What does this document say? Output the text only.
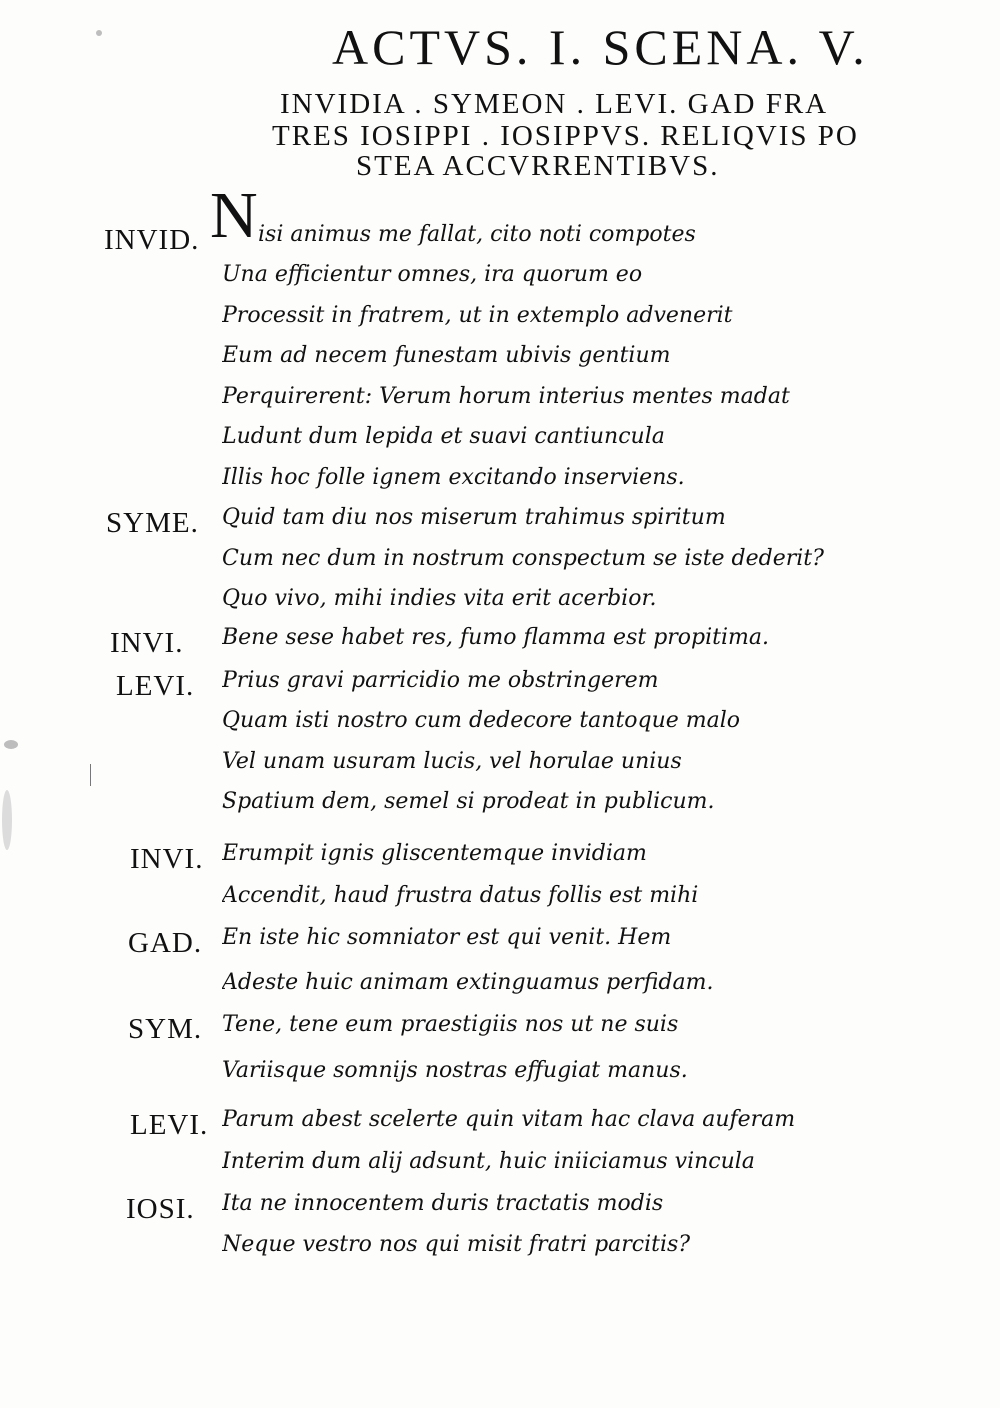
ACTVS. I. SCENA. V.
INVIDIA . SYMEON . LEVI. GAD FRA
TRES IOSIPPI . IOSIPPVS. RELIQVIS PO
STEA ACCVRRENTIBVS.
N
INVID.	isi animus me fallat, cito noti compotes
Una efficientur omnes, ira quorum eo
Processit in fratrem, ut in extemplo advenerit
Eum ad necem funestam ubivis gentium
Perquirerent: Verum horum interius mentes madat
Ludunt dum lepida et suavi cantiuncula
Illis hoc folle ignem excitando inserviens.
SYME. Quid tam diu nos miserum trahimus spiritum
Cum nec dum in nostrum conspectum se iste dederit?
Quo vivo, mihi indies vita erit acerbior.
INVI. Bene sese habet res, fumo flamma est propitima.
LEVI. Prius gravi parricidio me obstringerem
Quam isti nostro cum dedecore tantoque malo
Vel unam usuram lucis, vel horulae unius
Spatium dem, semel si prodeat in publicum.
INVI. Erumpit ignis gliscentemque invidiam
Accendit, haud frustra datus follis est mihi
GAD. En iste hic somniator est qui venit. Hem
Adeste huic animam extinguamus perfidam.
SYM. Tene, tene eum praestigiis nos ut ne suis
Variisque somnijs nostras effugiat manus.
LEVI. Parum abest scelerte quin vitam hac clava auferam
Interim dum alij adsunt, huic iniiciamus vincula
IOSI. Ita ne innocentem duris tractatis modis
Neque vestro nos qui misit fratri parcitis?
